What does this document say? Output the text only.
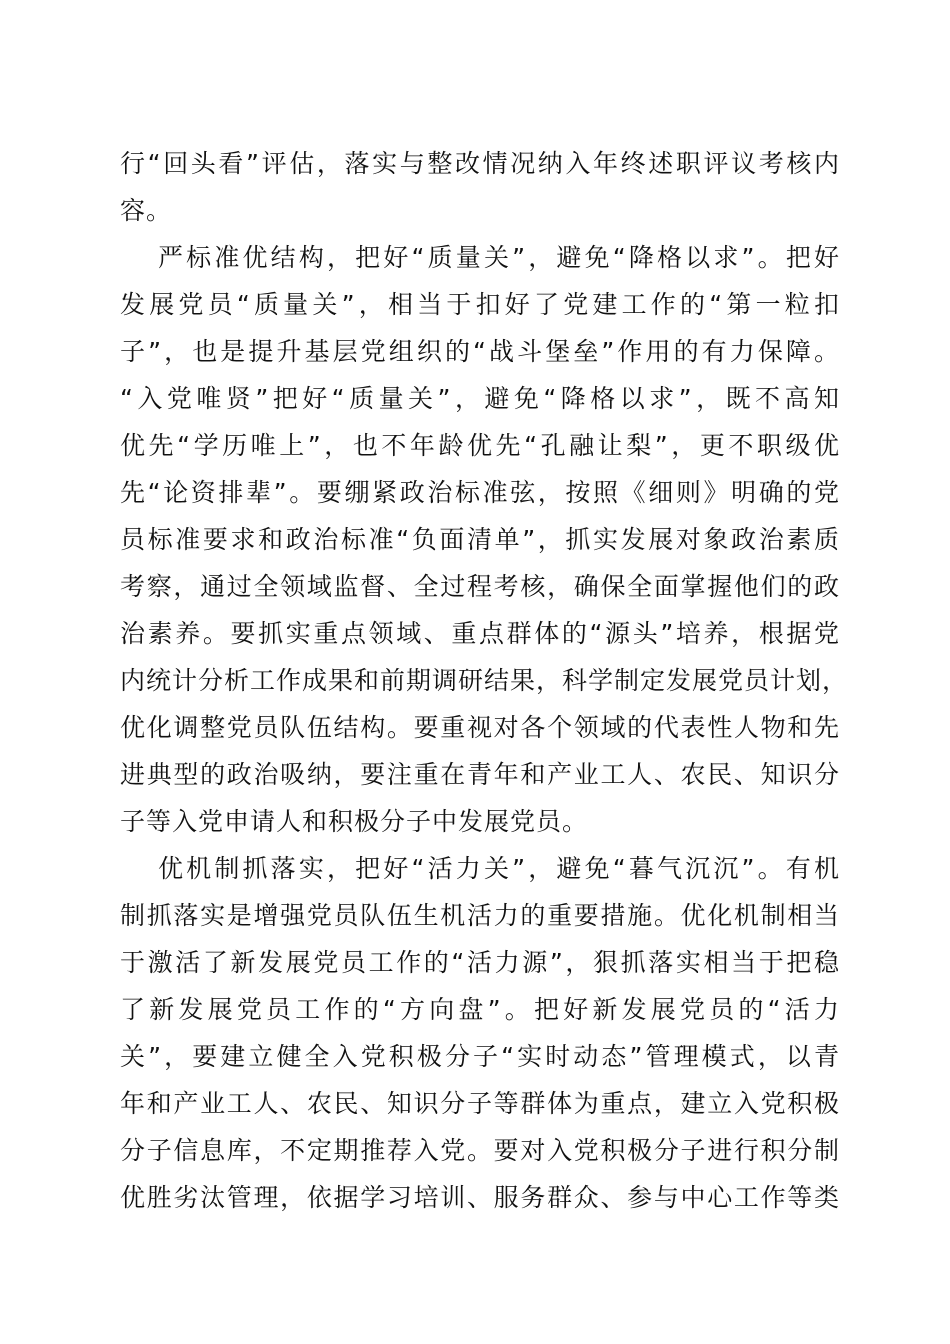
行“回头看”评估，落实与整改情况纳入年终述职评议考核内
容。
严标准优结构，把好“质量关”，避免“降格以求”。把好
发展党员“质量关”，相当于扣好了党建工作的“第一粒扣
子”，也是提升基层党组织的“战斗堡垒”作用的有力保障。
“入党唯贤”把好“质量关”，避免“降格以求”，既不高知
优先“学历唯上”，也不年龄优先“孔融让梨”，更不职级优
先“论资排辈”。要绷紧政治标准弦，按照《细则》明确的党
员标准要求和政治标准“负面清单”，抓实发展对象政治素质
考察，通过全领域监督、全过程考核，确保全面掌握他们的政
治素养。要抓实重点领域、重点群体的“源头”培养，根据党
内统计分析工作成果和前期调研结果，科学制定发展党员计划，
优化调整党员队伍结构。要重视对各个领域的代表性人物和先
进典型的政治吸纳，要注重在青年和产业工人、农民、知识分
子等入党申请人和积极分子中发展党员。
优机制抓落实，把好“活力关”，避免“暮气沉沉”。有机
制抓落实是增强党员队伍生机活力的重要措施。优化机制相当
于激活了新发展党员工作的“活力源”，狠抓落实相当于把稳
了新发展党员工作的“方向盘”。把好新发展党员的“活力
关”，要建立健全入党积极分子“实时动态”管理模式，以青
年和产业工人、农民、知识分子等群体为重点，建立入党积极
分子信息库，不定期推荐入党。要对入党积极分子进行积分制
优胜劣汰管理，依据学习培训、服务群众、参与中心工作等类
